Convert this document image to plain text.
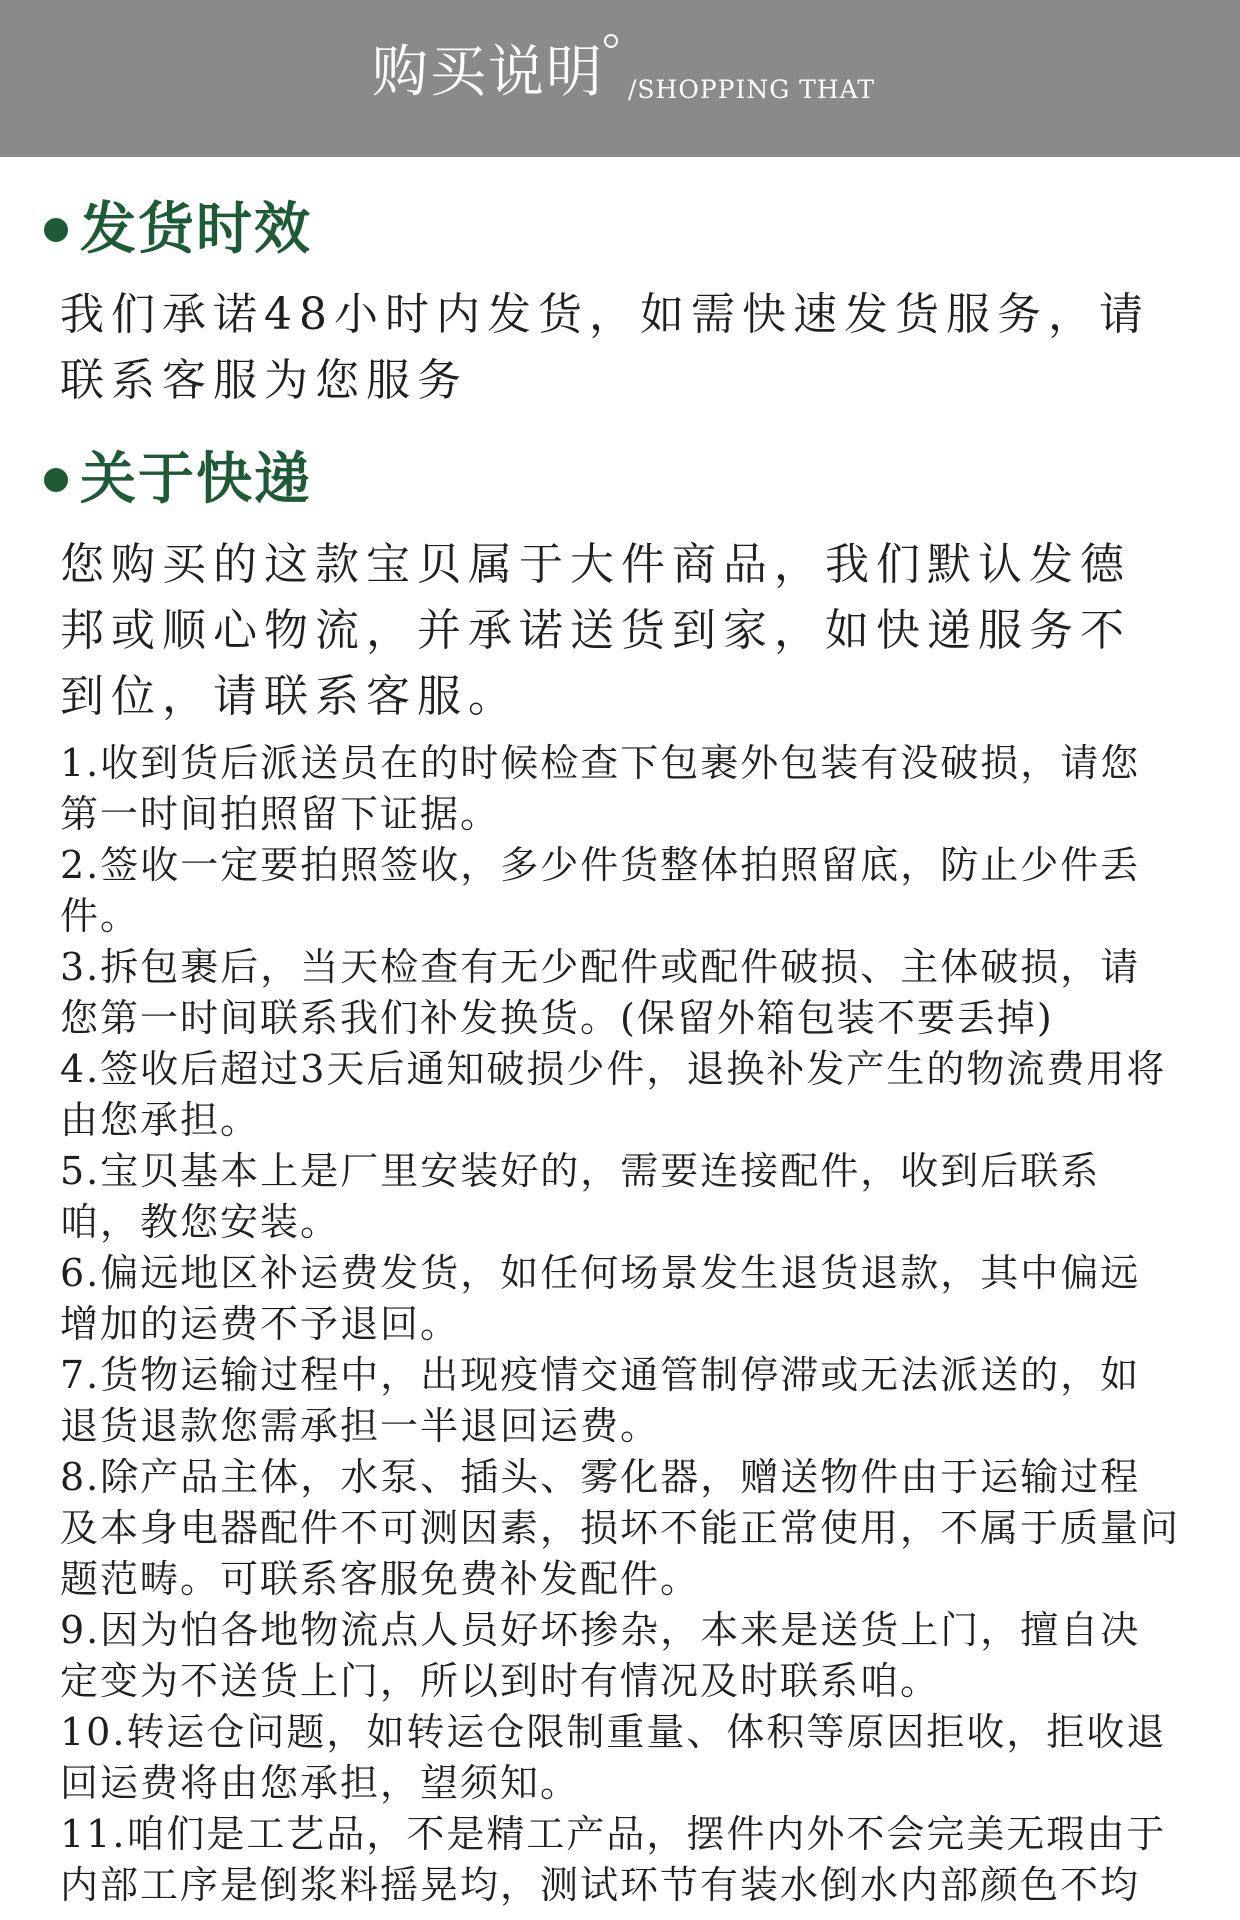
购买说明 /SHOPPING THAT
发货时效
我们承诺48小时内发货，如需快速发货服务，请联系客服为您服务
关于快递
您购买的这款宝贝属于大件商品，我们默认发德邦或顺心物流，并承诺送货到家，如快递服务不到位，请联系客服。
1.收到货后派送员在的时候检查下包裹外包装有没破损，请您第一时间拍照留下证据。
2.签收一定要拍照签收，多少件货整体拍照留底，防止少件丢件。
3.拆包裹后，当天检查有无少配件或配件破损、主体破损，请您第一时间联系我们补发换货。(保留外箱包装不要丢掉)
4.签收后超过3天后通知破损少件，退换补发产生的物流费用将由您承担。
5.宝贝基本上是厂里安装好的，需要连接配件，收到后联系咱，教您安装。
6.偏远地区补运费发货，如任何场景发生退货退款，其中偏远增加的运费不予退回。
7.货物运输过程中，出现疫情交通管制停滞或无法派送的，如退货退款您需承担一半退回运费。
8.除产品主体，水泵、插头、雾化器，赠送物件由于运输过程及本身电器配件不可测因素，损坏不能正常使用，不属于质量问题范畴。可联系客服免费补发配件。
9.因为怕各地物流点人员好坏掺杂，本来是送货上门，擅自决定变为不送货上门，所以到时有情况及时联系咱。
10.转运仓问题，如转运仓限制重量、体积等原因拒收，拒收退回运费将由您承担，望须知。
11.咱们是工艺品，不是精工产品，摆件内外不会完美无瑕由于内部工序是倒浆料摇晃均，测试环节有装水倒水内部颜色不均
